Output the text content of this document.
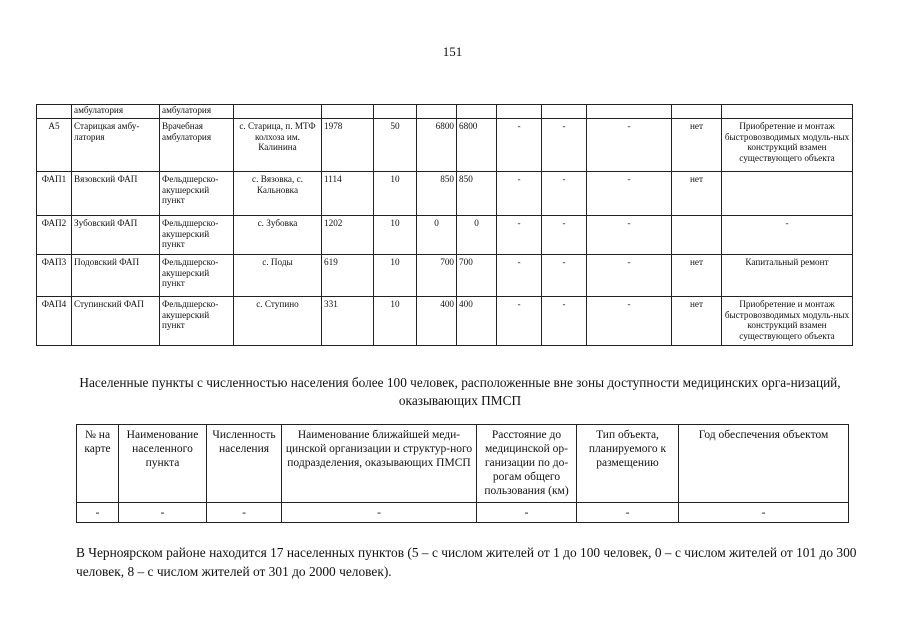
151
	амбулатория	амбулатория										
А5	Старицкая амбу-латория	Врачебная амбулатория	с. Старица, п. МТФ колхоза им. Калинина	1978	50	6800	6800	-	-	-	нет	Приобретение и монтаж быстровозводимых модуль-ных конструкций взамен существующего объекта
ФАП1	Вязовский ФАП	Фельдшерско-акушерский пункт	с. Вязовка, с. Кальновка	1114	10	850	850	-	-	-	нет	
ФАП2	Зубовский ФАП	Фельдшерско-акушерский пункт	с. Зубовка	1202	10	0	0	-	-	-		-
ФАП3	Подовский ФАП	Фельдшерско-акушерский пункт	с. Поды	619	10	700	700	-	-	-	нет	Капитальный ремонт
ФАП4	Ступинский ФАП	Фельдшерско-акушерский пункт	с. Ступино	331	10	400	400	-	-	-	нет	Приобретение и монтаж быстровозводимых модуль-ных конструкций взамен существующего объекта
Населенные пункты с численностью населения более 100 человек, расположенные вне зоны доступности медицинских орга-низаций, оказывающих ПМСП
№ на карте	Наименование населенного пункта	Численность населения	Наименование ближайшей меди-цинской организации и структур-ного подразделения, оказывающих ПМСП	Расстояние до медицинской ор-ганизации по до-рогам общего пользования (км)	Тип объекта, планируемого к размещению	Год обеспечения объектом
-	-	-	-	-	-	-
В Черноярском районе находится 17 населенных пунктов (5 – с числом жителей от 1 до 100 человек, 0 – с числом жителей от 101 до 300 человек, 8 – с числом жителей от 301 до 2000 человек).
